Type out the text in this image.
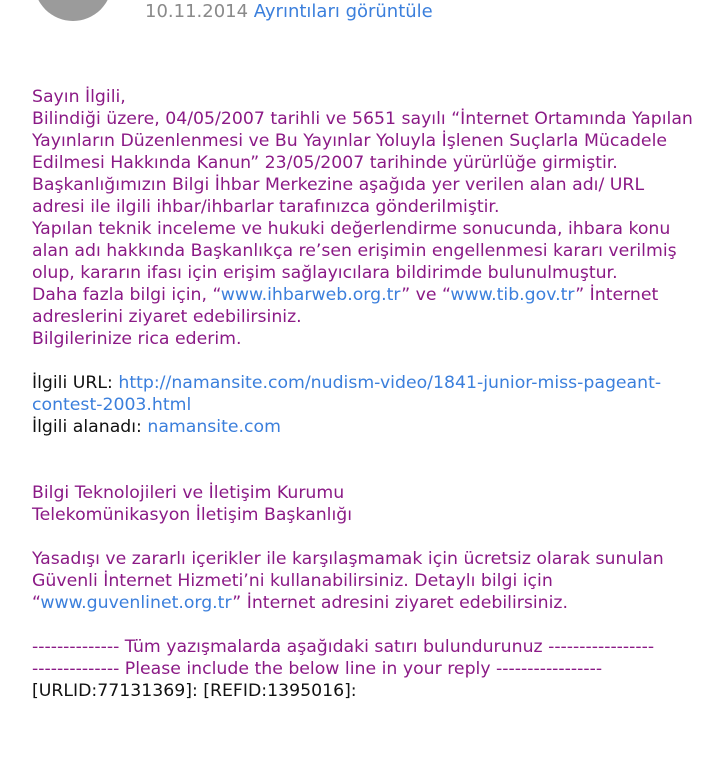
10.11.2014 Ayrıntıları görüntüle
Sayın İlgili,
Bilindiği üzere, 04/05/2007 tarihli ve 5651 sayılı “İnternet Ortamında Yapılan Yayınların Düzenlenmesi ve Bu Yayınlar Yoluyla İşlenen Suçlarla Mücadele Edilmesi Hakkında Kanun” 23/05/2007 tarihinde yürürlüğe girmiştir.
Başkanlığımızın Bilgi İhbar Merkezine aşağıda yer verilen alan adı/ URL adresi ile ilgili ihbar/ihbarlar tarafınızca gönderilmiştir.
Yapılan teknik inceleme ve hukuki değerlendirme sonucunda, ihbara konu alan adı hakkında Başkanlıkça re’sen erişimin engellenmesi kararı verilmiş olup, kararın ifası için erişim sağlayıcılara bildirimde bulunulmuştur.
Daha fazla bilgi için, “www.ihbarweb.org.tr” ve “www.tib.gov.tr” İnternet adreslerini ziyaret edebilirsiniz.
Bilgilerinize rica ederim.
İlgili URL: http://namansite.com/nudism-video/1841-junior-miss-pageant-contest-2003.html
İlgili alanadı: namansite.com
Bilgi Teknolojileri ve İletişim Kurumu
Telekomünikasyon İletişim Başkanlığı
Yasadışı ve zararlı içerikler ile karşılaşmamak için ücretsiz olarak sunulan Güvenli İnternet Hizmeti’ni kullanabilirsiniz. Detaylı bilgi için “www.guvenlinet.org.tr” İnternet adresini ziyaret edebilirsiniz.
-------------- Tüm yazışmalarda aşağıdaki satırı bulundurunuz -----------------
-------------- Please include the below line in your reply -----------------
[URLID:77131369]: [REFID:1395016]:
